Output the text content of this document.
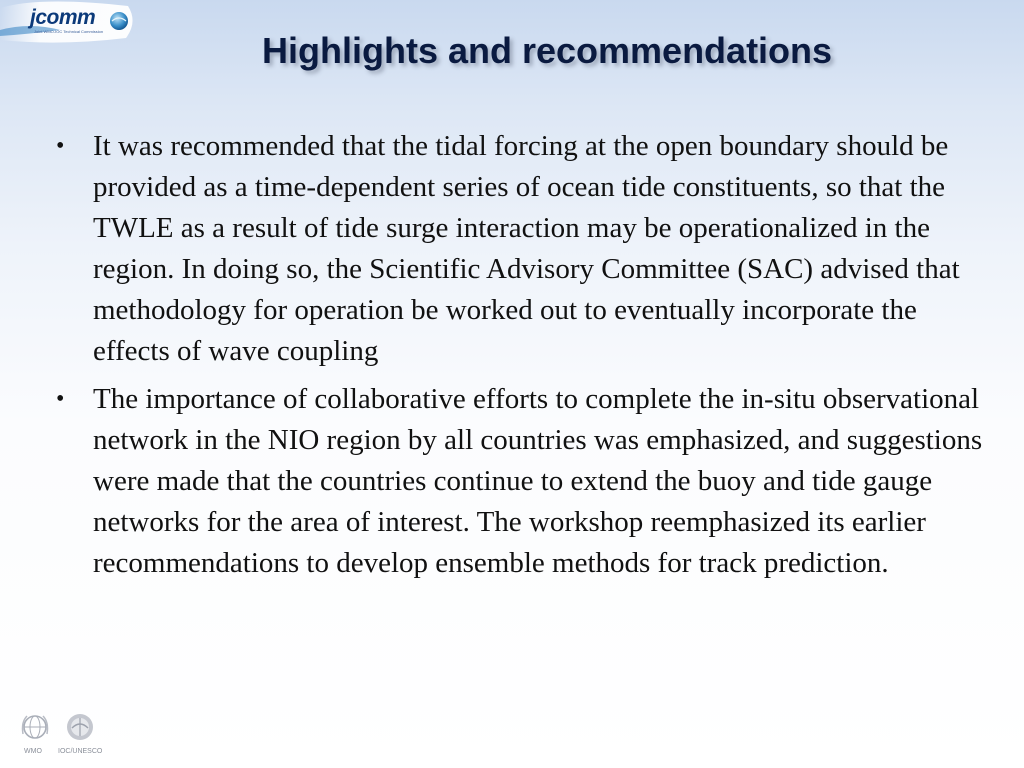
jcomm
Joint WMO-IOC Technical Commission	Highlights and recommendations
• It was recommended that the tidal forcing at the open boundary should be provided as a time-dependent series of ocean tide constituents, so that the TWLE as a result of tide surge interaction may be operationalized in the region. In doing so, the Scientific Advisory Committee (SAC) advised that methodology for operation be worked out to eventually incorporate the effects of wave coupling
• The importance of collaborative efforts to complete the in-situ observational network in the NIO region by all countries was emphasized, and suggestions were made that the countries continue to extend the buoy and tide gauge networks for the area of interest. The workshop reemphasized its earlier recommendations to develop ensemble methods for track prediction.
WMO IOC/UNESCO
